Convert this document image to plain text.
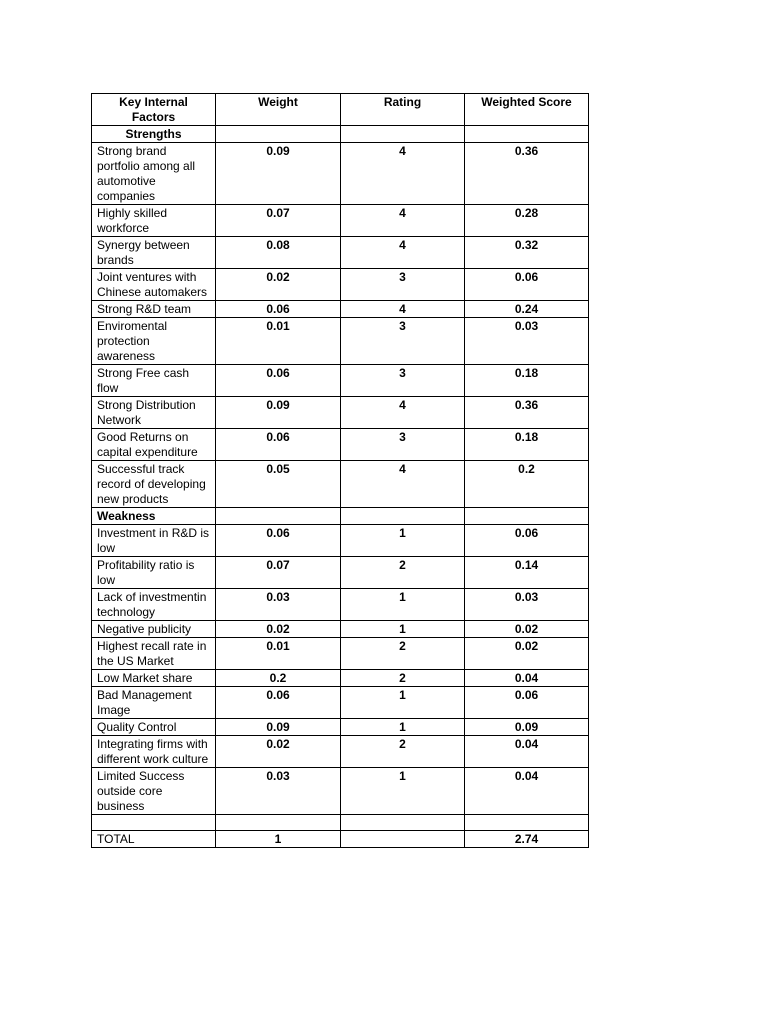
Key Internal Factors	Weight	Rating	Weighted Score
Strengths			
Strong brand portfolio among all automotive companies	0.09	4	0.36
Highly skilled workforce	0.07	4	0.28
Synergy between brands	0.08	4	0.32
Joint ventures with Chinese automakers	0.02	3	0.06
Strong R&D team	0.06	4	0.24
Enviromental protection awareness	0.01	3	0.03
Strong Free cash flow	0.06	3	0.18
Strong Distribution Network	0.09	4	0.36
Good Returns on capital expenditure	0.06	3	0.18
Successful track record of developing new products	0.05	4	0.2
Weakness			
Investment in R&D is low	0.06	1	0.06
Profitability ratio is low	0.07	2	0.14
Lack of investmentin technology	0.03	1	0.03
Negative publicity	0.02	1	0.02
Highest recall rate in the US Market	0.01	2	0.02
Low Market share	0.2	2	0.04
Bad Management Image	0.06	1	0.06
Quality Control	0.09	1	0.09
Integrating firms with different work culture	0.02	2	0.04
Limited Success outside core business	0.03	1	0.04

TOTAL	1		2.74
